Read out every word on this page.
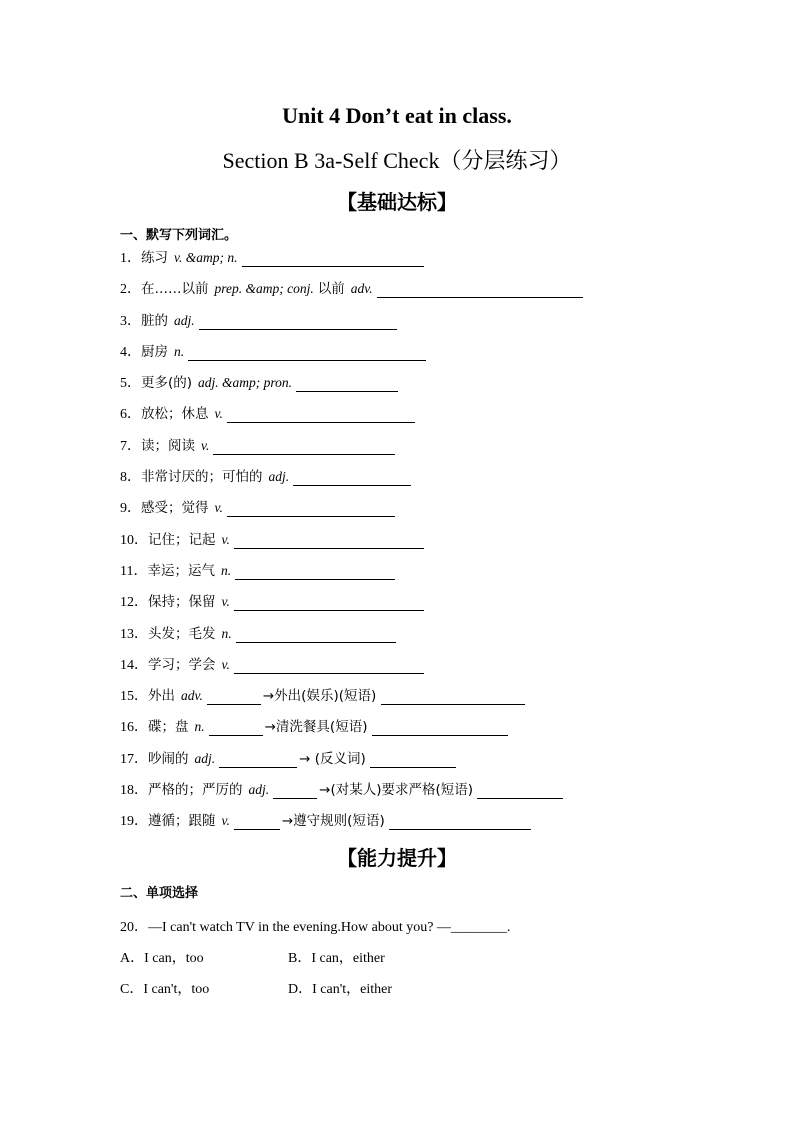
Unit 4 Don’t eat in class.
Section B 3a-Self Check（分层练习）
【基础达标】
一、默写下列词汇。
1．练习 v. &amp; n.
2．在……以前 prep. &amp; conj. 以前 adv.
3．脏的 adj.
4．厨房 n.
5．更多(的) adj. &amp; pron.
6．放松；休息 v.
7．读；阅读 v.
8．非常讨厌的；可怕的 adj.
9．感受；觉得 v.
10．记住；记起 v.
11．幸运；运气 n.
12．保持；保留 v.
13．头发；毛发 n.
14．学习；学会 v.
15．外出 adv.	→外出(娱乐)(短语)
16．碟；盘 n.	→清洗餐具(短语)
17．吵闹的 adj.	→ (反义词)
18．严格的；严厉的 adj.	→(对某人)要求严格(短语)
19．遵循；跟随 v.	→遵守规则(短语)
【能力提升】
二、单项选择
20．—I can't watch TV in the evening.How about you? —________.
A．I can，too	B．I can，either
C．I can't，too	D．I can't，either
